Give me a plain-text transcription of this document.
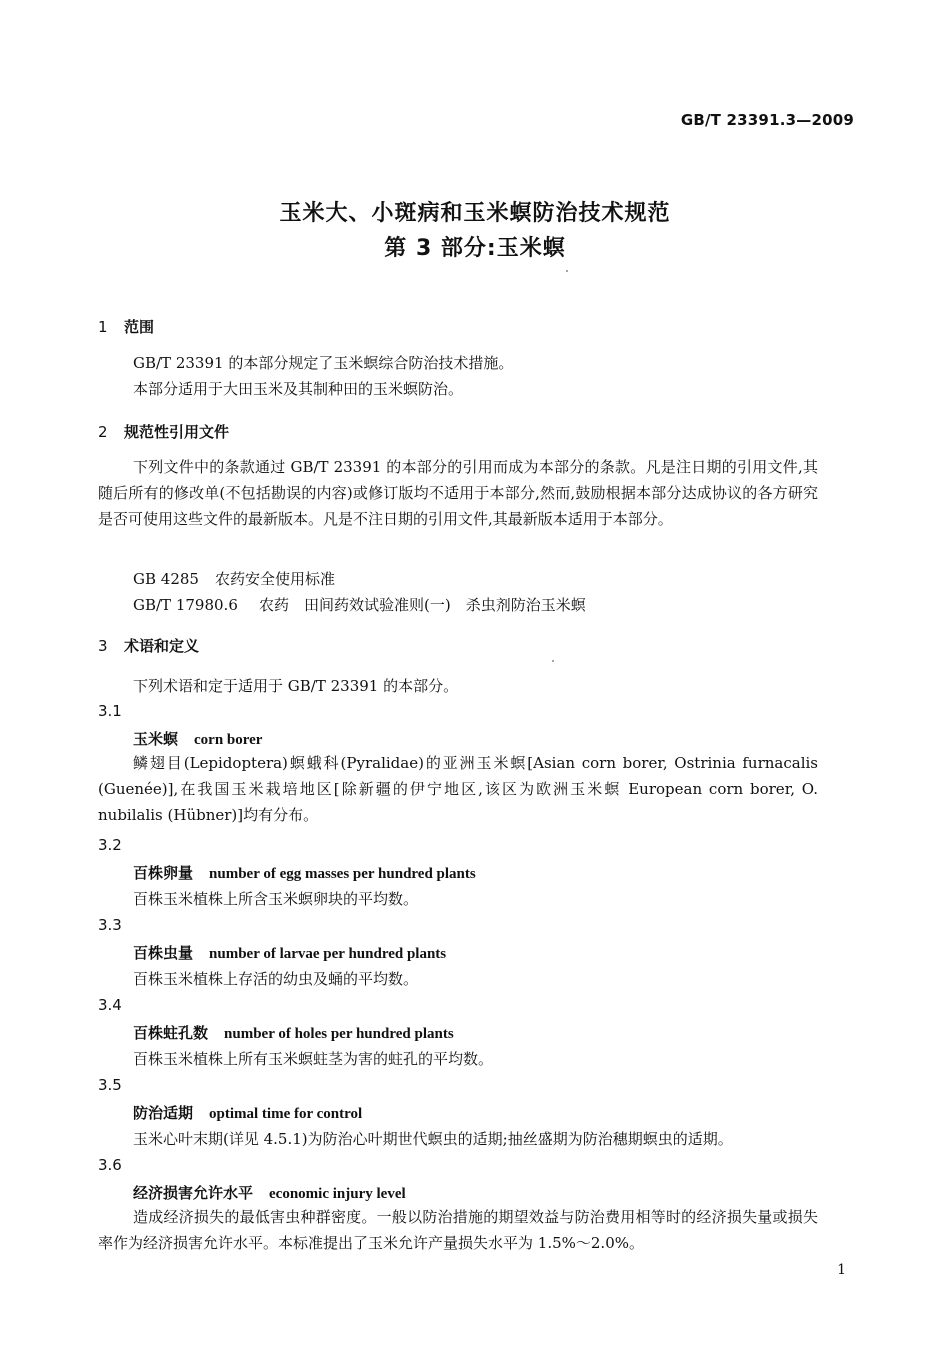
GB/T 23391.3—2009
玉米大、小斑病和玉米螟防治技术规范
第 3 部分:玉米螟
1 范围
GB/T 23391 的本部分规定了玉米螟综合防治技术措施。
本部分适用于大田玉米及其制种田的玉米螟防治。
2 规范性引用文件
下列文件中的条款通过 GB/T 23391 的本部分的引用而成为本部分的条款。凡是注日期的引用文件,其随后所有的修改单(不包括勘误的内容)或修订版均不适用于本部分,然而,鼓励根据本部分达成协议的各方研究是否可使用这些文件的最新版本。凡是不注日期的引用文件,其最新版本适用于本部分。
GB 4285 农药安全使用标准
GB/T 17980.6 农药　田间药效试验准则(一)　杀虫剂防治玉米螟
3 术语和定义
下列术语和定于适用于 GB/T 23391 的本部分。
3.1
玉米螟 corn borer
鳞翅目(Lepidoptera)螟蛾科(Pyralidae)的亚洲玉米螟[Asian corn borer, Ostrinia furnacalis (Guenée)],在我国玉米栽培地区[除新疆的伊宁地区,该区为欧洲玉米螟 European corn borer, O. nubilalis (Hübner)]均有分布。
3.2
百株卵量 number of egg masses per hundred plants
百株玉米植株上所含玉米螟卵块的平均数。
3.3
百株虫量 number of larvae per hundred plants
百株玉米植株上存活的幼虫及蛹的平均数。
3.4
百株蛀孔数 number of holes per hundred plants
百株玉米植株上所有玉米螟蛀茎为害的蛀孔的平均数。
3.5
防治适期 optimal time for control
玉米心叶末期(详见 4.5.1)为防治心叶期世代螟虫的适期;抽丝盛期为防治穗期螟虫的适期。
3.6
经济损害允许水平 economic injury level
造成经济损失的最低害虫种群密度。一般以防治措施的期望效益与防治费用相等时的经济损失量或损失率作为经济损害允许水平。本标准提出了玉米允许产量损失水平为 1.5%～2.0%。
1
